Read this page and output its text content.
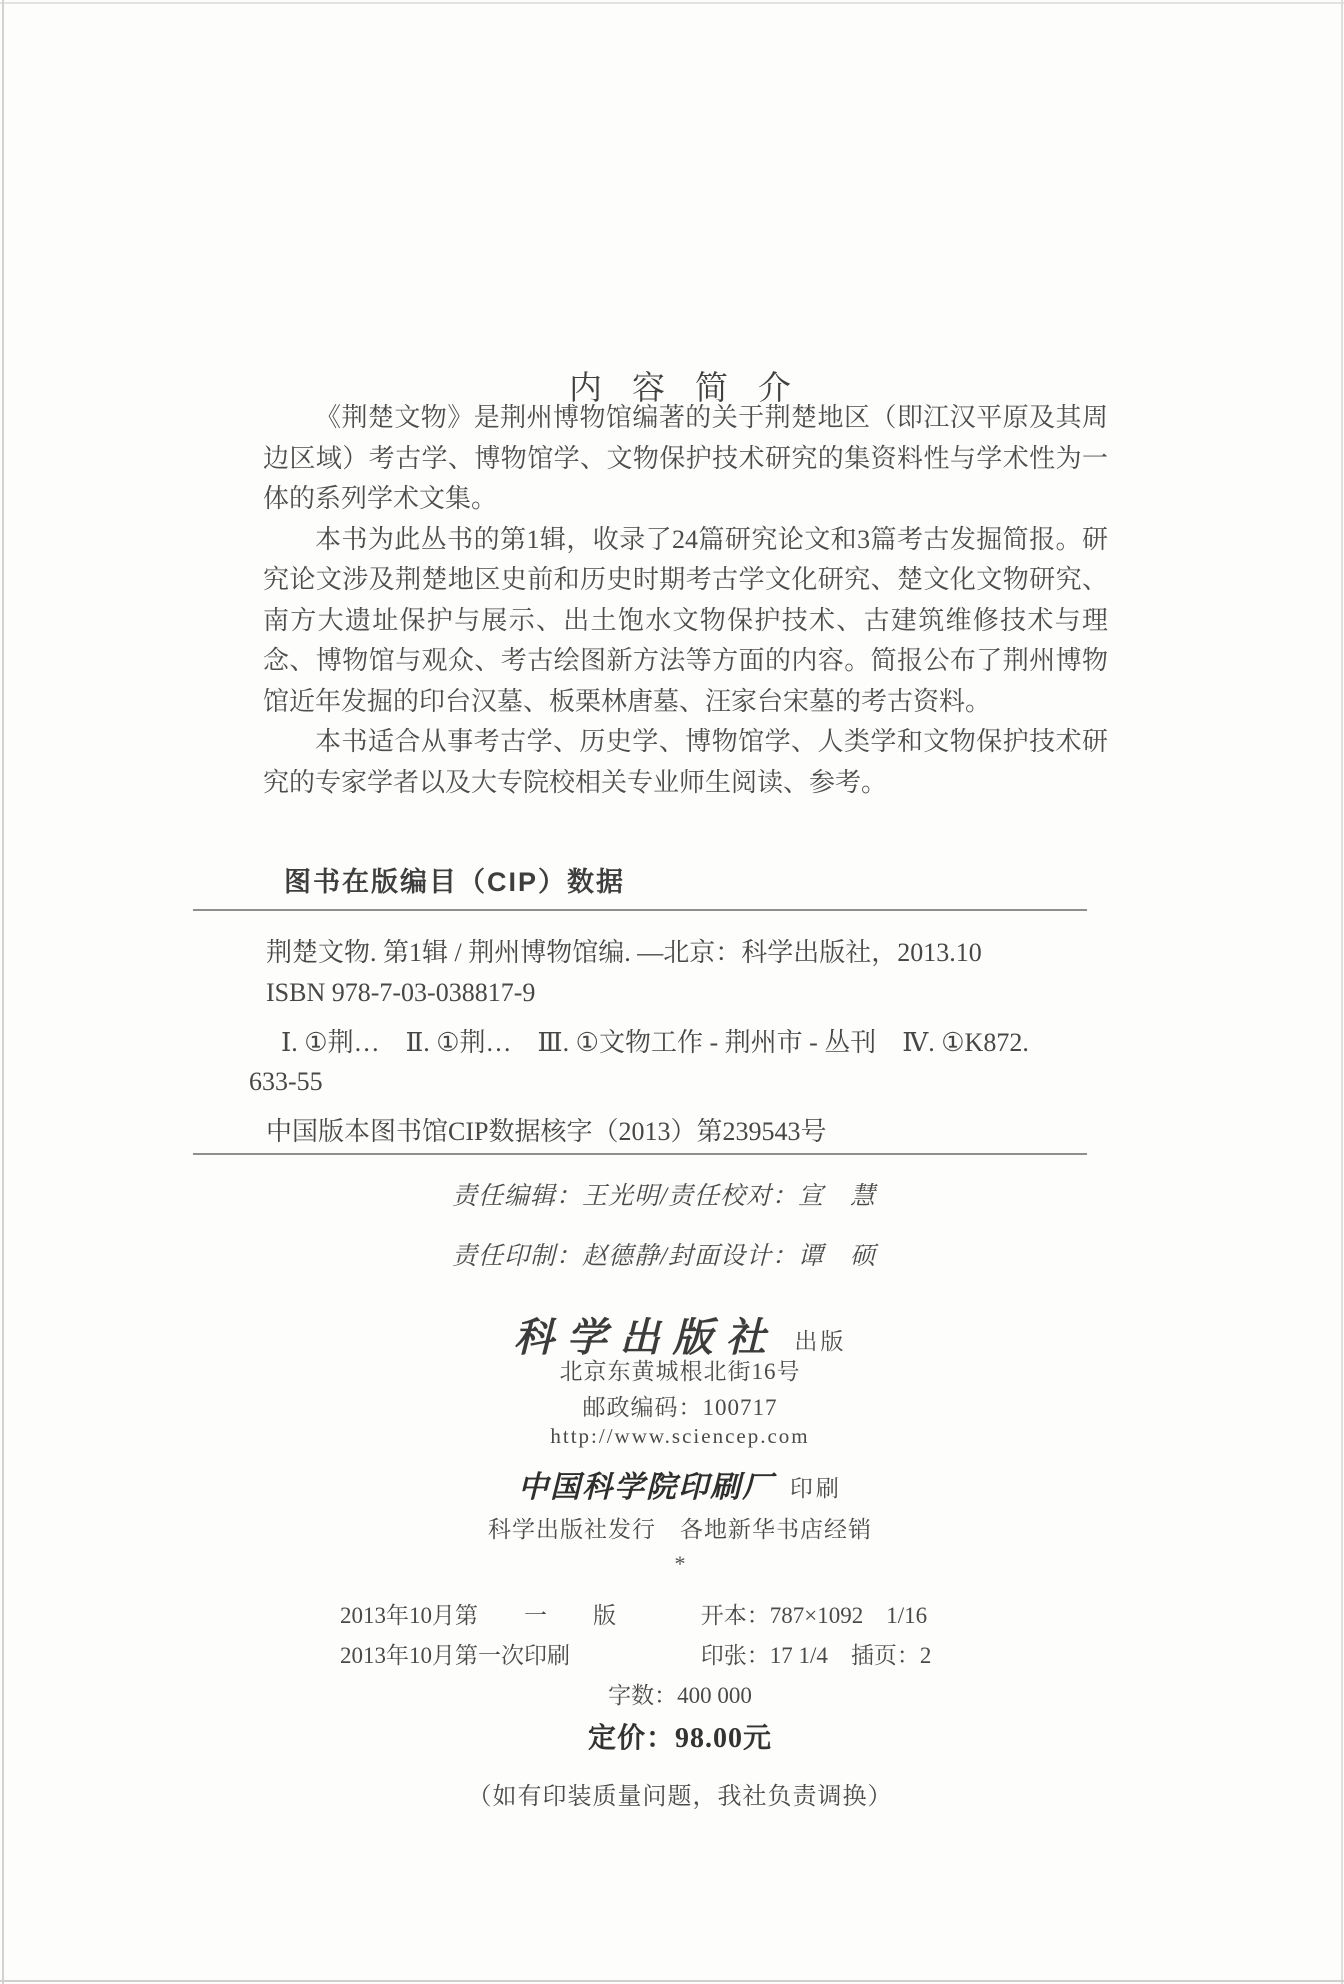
内容简介

《荆楚文物》是荆州博物馆编著的关于荆楚地区（即江汉平原及其周边区域）考古学、博物馆学、文物保护技术研究的集资料性与学术性为一体的系列学术文集。

本书为此丛书的第1辑，收录了24篇研究论文和3篇考古发掘简报。研究论文涉及荆楚地区史前和历史时期考古学文化研究、楚文化文物研究、南方大遗址保护与展示、出土饱水文物保护技术、古建筑维修技术与理念、博物馆与观众、考古绘图新方法等方面的内容。简报公布了荆州博物馆近年发掘的印台汉墓、板栗林唐墓、汪家台宋墓的考古资料。

本书适合从事考古学、历史学、博物馆学、人类学和文物保护技术研究的专家学者以及大专院校相关专业师生阅读、参考。

图书在版编目（CIP）数据
荆楚文物. 第1辑 / 荆州博物馆编. —北京：科学出版社，2013.10
ISBN 978-7-03-038817-9
Ⅰ. ①荆…　Ⅱ. ①荆…　Ⅲ. ①文物工作 - 荆州市 - 丛刊　Ⅳ. ①K872.
633-55
中国版本图书馆CIP数据核字（2013）第239543号
责任编辑：王光明/责任校对：宣　慧
责任印制：赵德静/封面设计：谭　硕
科学出版社 出版
北京东黄城根北街16号
邮政编码：100717
http://www.sciencep.com
中国科学院印刷厂 印刷
科学出版社发行　各地新华书店经销
*
2013年10月第　　一　　版	开本：787×1092　1/16
2013年10月第一次印刷	印张：17 1/4　插页：2
字数：400 000
定价：98.00元
（如有印装质量问题，我社负责调换）
